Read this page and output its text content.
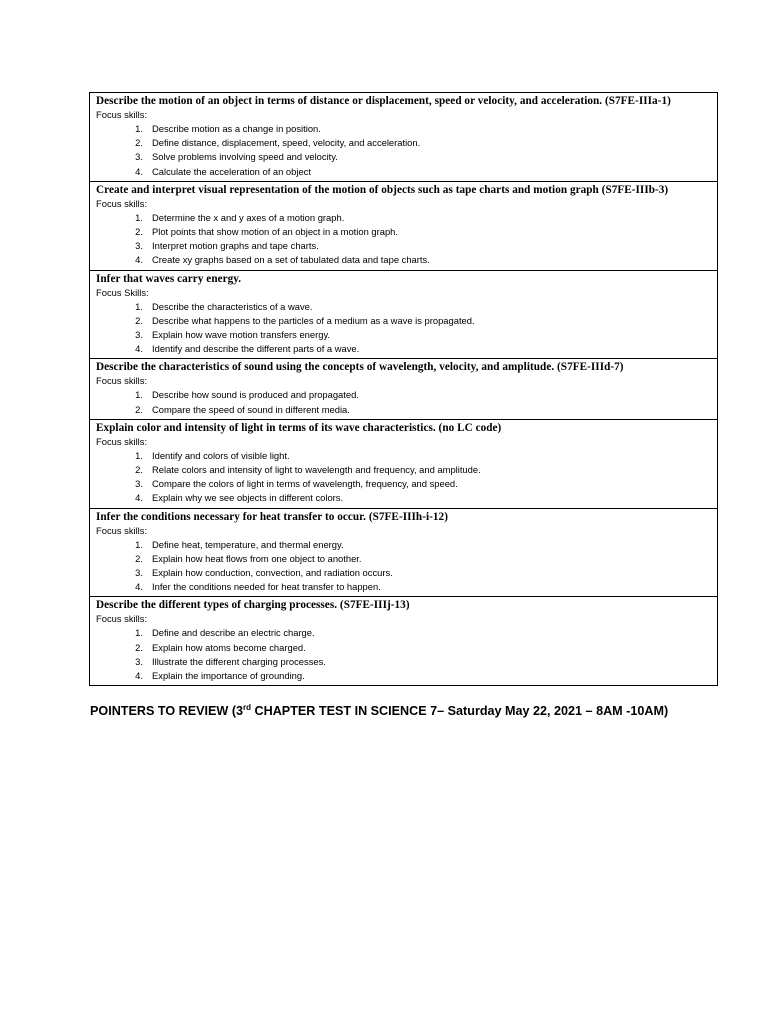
Describe the motion of an object in terms of distance or displacement, speed or velocity, and acceleration. (S7FE-IIIa-1)
Focus skills:
1. Describe motion as a change in position.
2. Define distance, displacement, speed, velocity, and acceleration.
3. Solve problems involving speed and velocity.
4. Calculate the acceleration of an object
Create and interpret visual representation of the motion of objects such as tape charts and motion graph (S7FE-IIIb-3)
Focus skills:
1. Determine the x and y axes of a motion graph.
2. Plot points that show motion of an object in a motion graph.
3. Interpret motion graphs and tape charts.
4. Create xy graphs based on a set of tabulated data and tape charts.
Infer that waves carry energy.
Focus Skills:
1. Describe the characteristics of a wave.
2. Describe what happens to the particles of a medium as a wave is propagated.
3. Explain how wave motion transfers energy.
4. Identify and describe the different parts of a wave.
Describe the characteristics of sound using the concepts of wavelength, velocity, and amplitude. (S7FE-IIId-7)
Focus skills:
1. Describe how sound is produced and propagated.
2. Compare the speed of sound in different media.
Explain color and intensity of light in terms of its wave characteristics. (no LC code)
Focus skills:
1. Identify and colors of visible light.
2. Relate colors and intensity of light to wavelength and frequency, and amplitude.
3. Compare the colors of light in terms of wavelength, frequency, and speed.
4. Explain why we see objects in different colors.
Infer the conditions necessary for heat transfer to occur. (S7FE-IIIh-i-12)
Focus skills:
1. Define heat, temperature, and thermal energy.
2. Explain how heat flows from one object to another.
3. Explain how conduction, convection, and radiation occurs.
4. Infer the conditions needed for heat transfer to happen.
Describe the different types of charging processes. (S7FE-IIIj-13)
Focus skills:
1. Define and describe an electric charge.
2. Explain how atoms become charged.
3. Illustrate the different charging processes.
4. Explain the importance of grounding.
POINTERS TO REVIEW (3rd CHAPTER TEST IN SCIENCE 7– Saturday May 22, 2021 – 8AM -10AM)
